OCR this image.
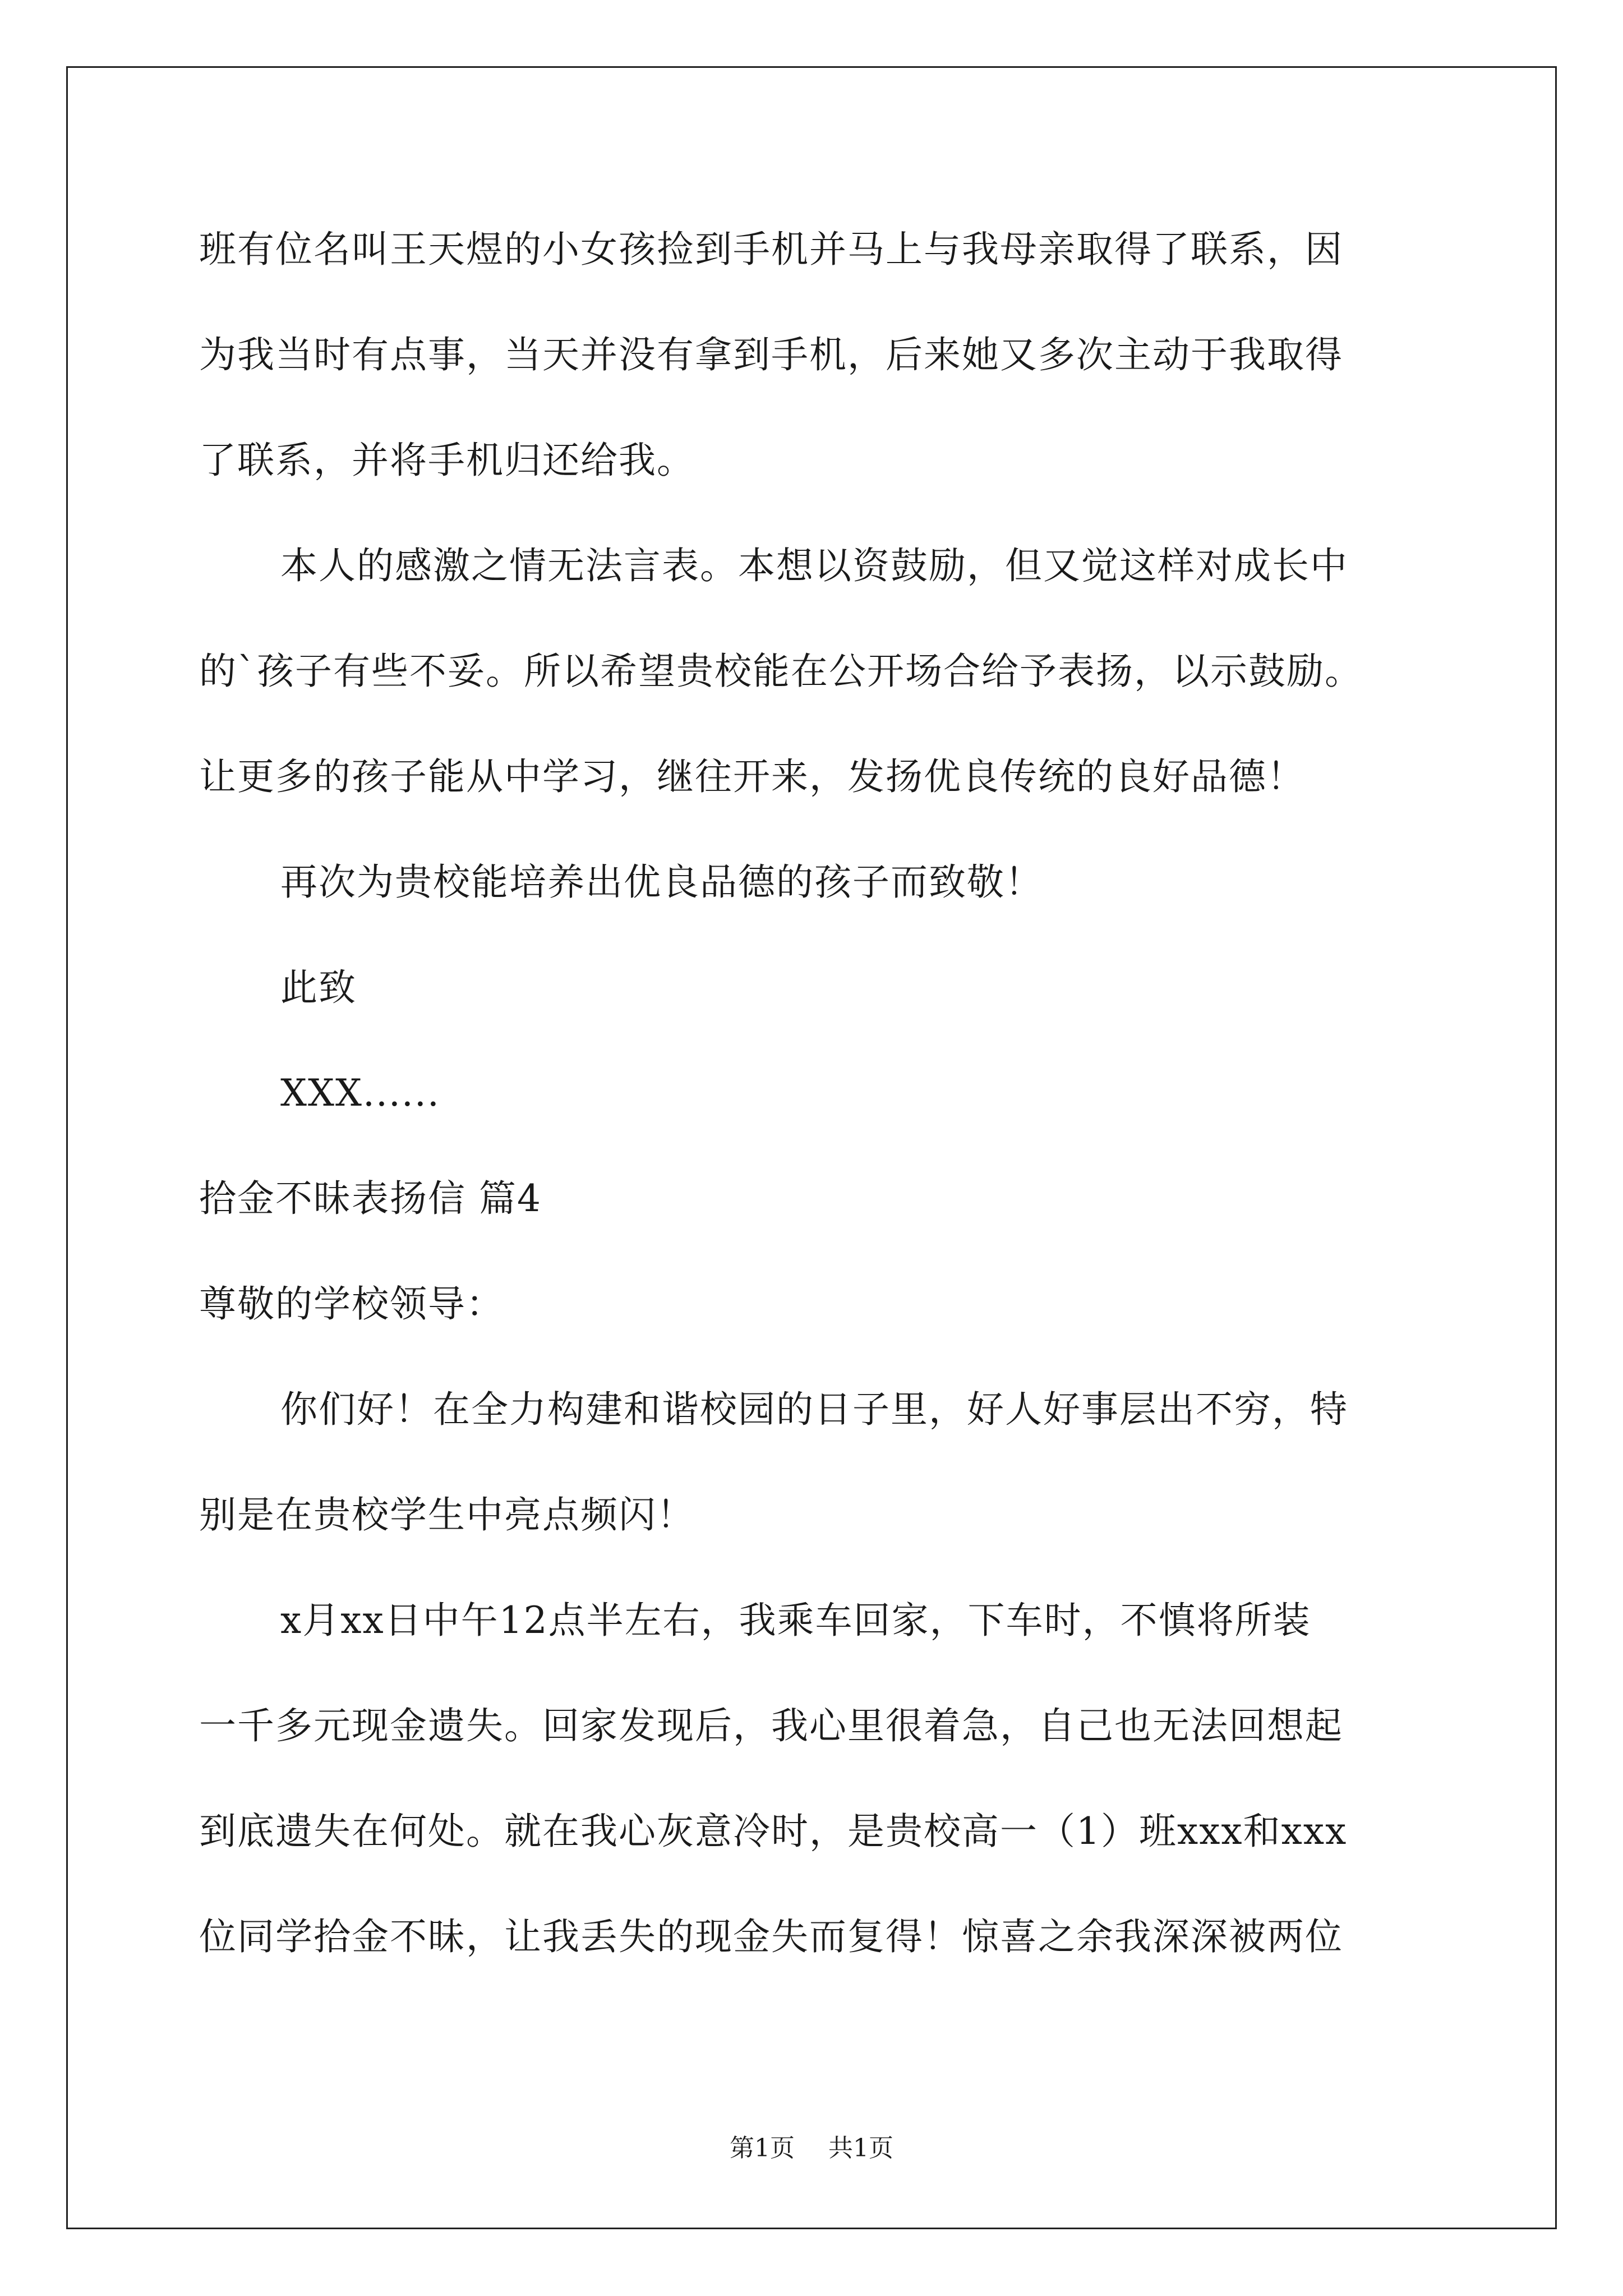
班有位名叫王天煜的小女孩捡到手机并马上与我母亲取得了联系，因
为我当时有点事，当天并没有拿到手机，后来她又多次主动于我取得
了联系，并将手机归还给我。
本人的感激之情无法言表。本想以资鼓励，但又觉这样对成长中
的`孩子有些不妥。所以希望贵校能在公开场合给予表扬，以示鼓励。
让更多的孩子能从中学习，继往开来，发扬优良传统的良好品德！
再次为贵校能培养出优良品德的孩子而致敬！
此致
XXX......
拾金不昧表扬信 篇4
尊敬的学校领导：
你们好！在全力构建和谐校园的日子里，好人好事层出不穷，特
别是在贵校学生中亮点频闪！
x月xx日中午12点半左右，我乘车回家，下车时，不慎将所装
一千多元现金遗失。回家发现后，我心里很着急，自己也无法回想起
到底遗失在何处。就在我心灰意冷时，是贵校高一（1）班xxx和xxx
位同学拾金不昧，让我丢失的现金失而复得！惊喜之余我深深被两位
第1页 共1页
